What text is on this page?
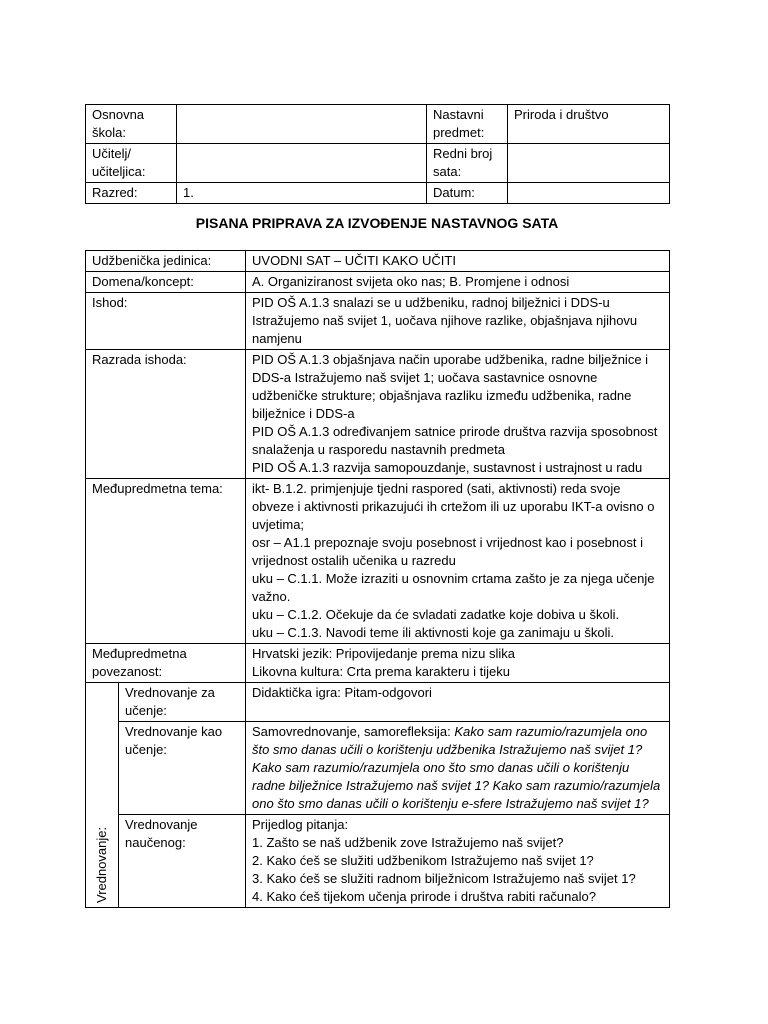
Osnovna škola:		Nastavni predmet:	Priroda i društvo
Učitelj/ učiteljica:		Redni broj sata:	
Razred:	1.	Datum:	
PISANA PRIPRAVA ZA IZVOĐENJE NASTAVNOG SATA
Udžbenička jedinica:		UVODNI SAT – UČITI KAKO UČITI
Domena/koncept:		A. Organiziranost svijeta oko nas; B. Promjene i odnosi
Ishod:		PID OŠ A.1.3 snalazi se u udžbeniku, radnoj bilježnici i DDS-u Istražujemo naš svijet 1, uočava njihove razlike, objašnjava njihovu namjenu
Razrada ishoda:		PID OŠ A.1.3 objašnjava način uporabe udžbenika, radne bilježnice i DDS-a Istražujemo naš svijet 1; uočava sastavnice osnovne udžbeničke strukture; objašnjava razliku između udžbenika, radne bilježnice i DDS-a
PID OŠ A.1.3 određivanjem satnice prirode društva razvija sposobnost snalaženja u rasporedu nastavnih predmeta
PID OŠ A.1.3 razvija samopouzdanje, sustavnost i ustrajnost u radu
Međupredmetna tema:		ikt- B.1.2. primjenjuje tjedni raspored (sati, aktivnosti) reda svoje obveze i aktivnosti prikazujući ih crtežom ili uz uporabu IKT-a ovisno o uvjetima;
osr – A1.1 prepoznaje svoju posebnost i vrijednost kao i posebnost i vrijednost ostalih učenika u razredu
uku – C.1.1. Može izraziti u osnovnim crtama zašto je za njega učenje važno.
uku – C.1.2. Očekuje da će svladati zadatke koje dobiva u školi.
uku – C.1.3. Navodi teme ili aktivnosti koje ga zanimaju u školi.
Međupredmetna povezanost:		Hrvatski jezik: Pripovijedanje prema nizu slika
Likovna kultura: Crta prema karakteru i tijeku

Vrednovanje:	Vrednovanje za učenje:	Didaktička igra: Pitam-odgovori
	Vrednovanje kao učenje:	Samovrednovanje, samorefleksija: Kako sam razumio/razumjela ono što smo danas učili o korištenju udžbenika Istražujemo naš svijet 1? Kako sam razumio/razumjela ono što smo danas učili o korištenju radne bilježnice Istražujemo naš svijet 1? Kako sam razumio/razumjela ono što smo danas učili o korištenju e-sfere Istražujemo naš svijet 1?
	Vrednovanje naučenog:	Prijedlog pitanja:
1. Zašto se naš udžbenik zove Istražujemo naš svijet?
2. Kako ćeš se služiti udžbenikom Istražujemo naš svijet 1?
3. Kako ćeš se služiti radnom bilježnicom Istražujemo naš svijet 1?
4. Kako ćeš tijekom učenja prirode i društva rabiti računalo?
